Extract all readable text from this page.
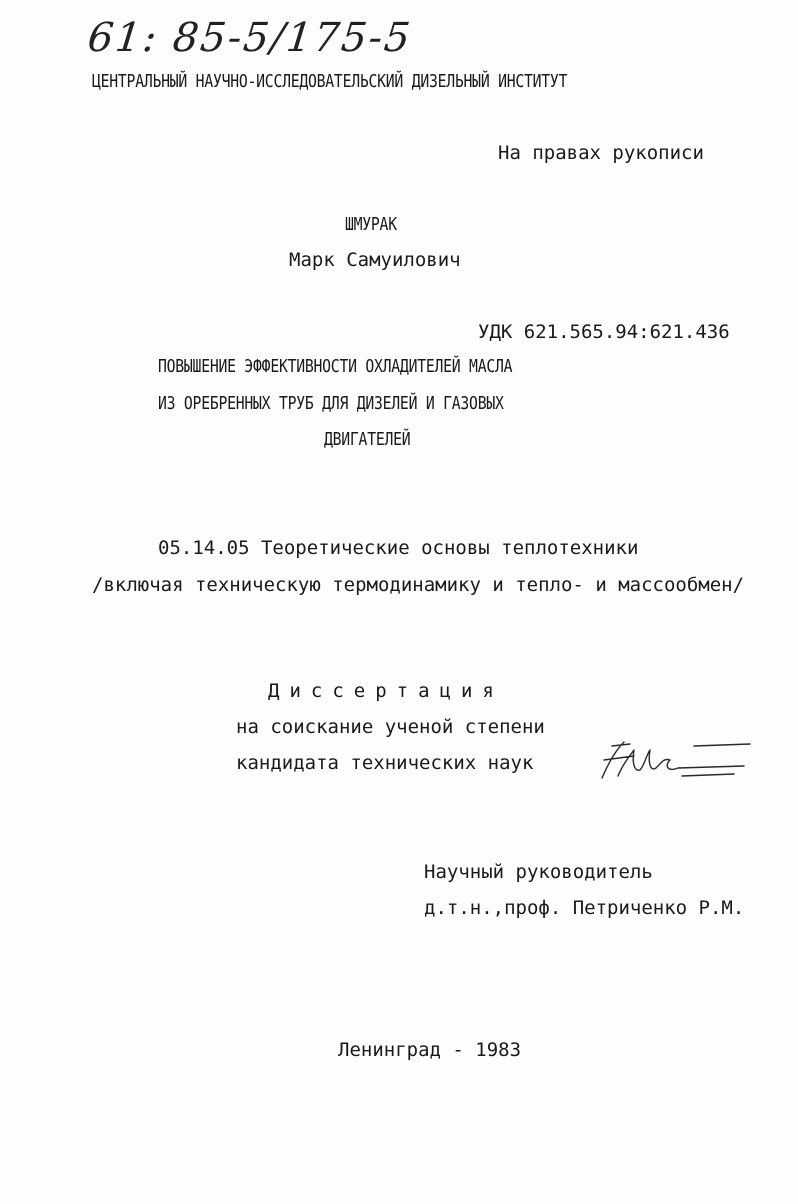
61: 85-5/175-5
ЦЕНТРАЛЬНЫЙ НАУЧНО-ИССЛЕДОВАТЕЛЬСКИЙ ДИЗЕЛЬНЫЙ ИНСТИТУТ
На правах рукописи
ШМУРАК
Марк Самуилович
УДК 621.565.94:621.436
ПОВЫШЕНИЕ ЭФФЕКТИВНОСТИ ОХЛАДИТЕЛЕЙ МАСЛА
ИЗ ОРЕБРЕННЫХ ТРУБ ДЛЯ ДИЗЕЛЕЙ И ГАЗОВЫХ
ДВИГАТЕЛЕЙ
05.14.05 Теоретические основы теплотехники
/включая техническую термодинамику и тепло- и массообмен/
Диссертация
на соискание ученой степени
кандидата технических наук
Научный руководитель
д.т.н.,проф. Петриченко Р.М.
Ленинград - 1983
